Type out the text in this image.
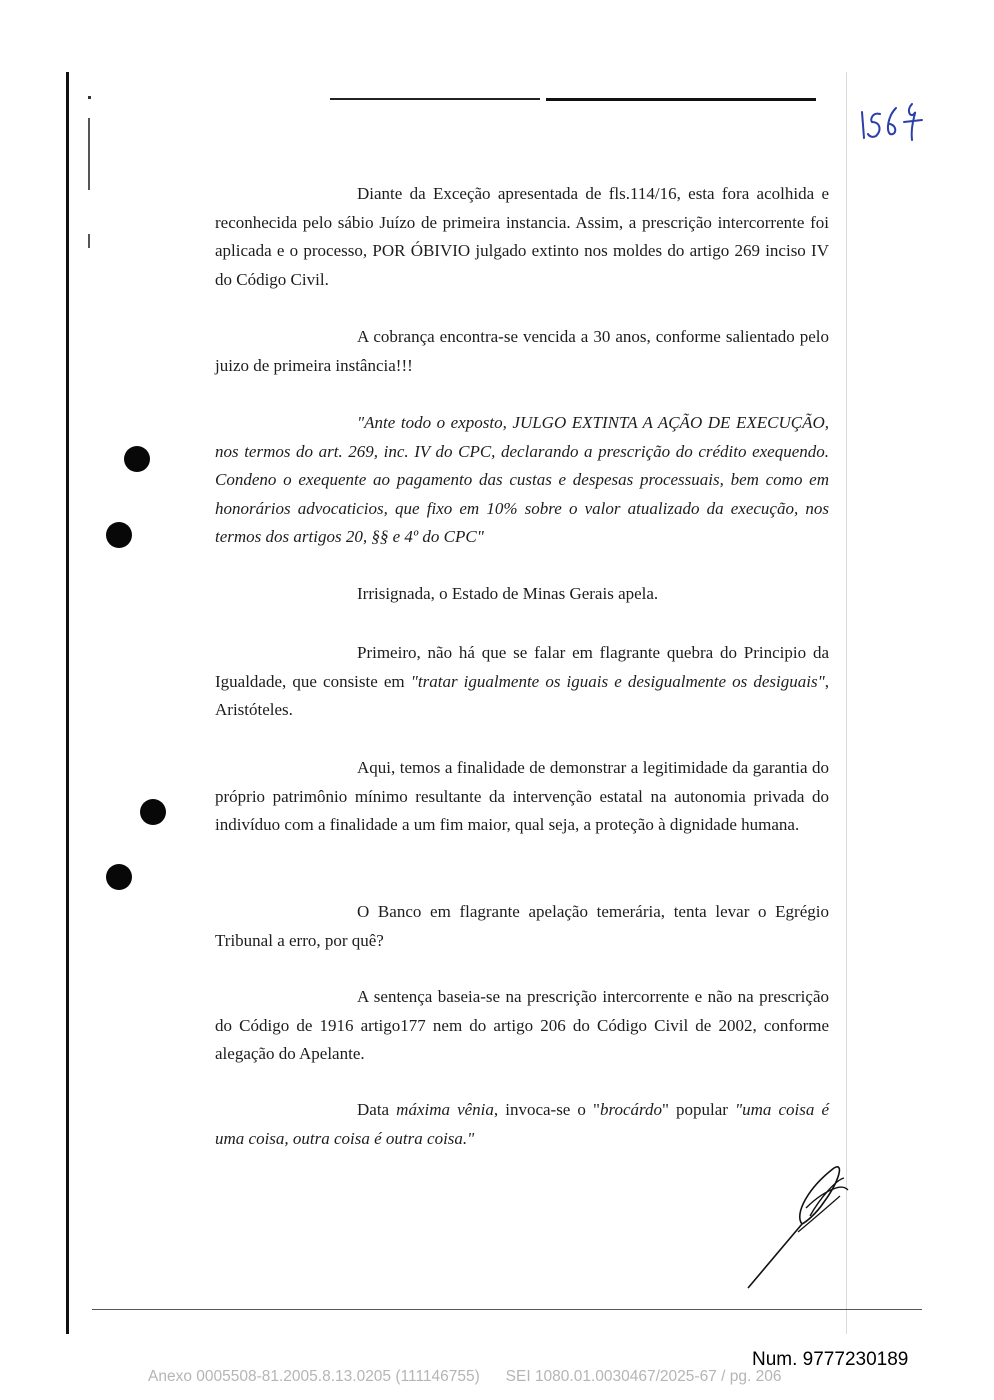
Diante da Exceção apresentada de fls.114/16, esta fora acolhida e reconhecida pelo sábio Juízo de primeira instancia. Assim, a prescrição intercorrente foi aplicada e o processo, POR ÓBIVIO julgado extinto nos moldes do artigo 269 inciso IV do Código Civil.

A cobrança encontra-se vencida a 30 anos, conforme salientado pelo juizo de primeira instância!!!

"Ante todo o exposto, JULGO EXTINTA A AÇÃO DE EXECUÇÃO, nos termos do art. 269, inc. IV do CPC, declarando a prescrição do crédito exequendo. Condeno o exequente ao pagamento das custas e despesas processuais, bem como em honorários advocaticios, que fixo em 10% sobre o valor atualizado da execução, nos termos dos artigos 20, §§ e 4º do CPC"

Irrisignada, o Estado de Minas Gerais apela.

Primeiro, não há que se falar em flagrante quebra do Principio da Igualdade, que consiste em "tratar igualmente os iguais e desigualmente os desiguais", Aristóteles.

Aqui, temos a finalidade de demonstrar a legitimidade da garantia do próprio patrimônio mínimo resultante da intervenção estatal na autonomia privada do indivíduo com a finalidade a um fim maior, qual seja, a proteção à dignidade humana.

O Banco em flagrante apelação temerária, tenta levar o Egrégio Tribunal a erro, por quê?

A sentença baseia-se na prescrição intercorrente e não na prescrição do Código de 1916 artigo177 nem do artigo 206 do Código Civil de 2002, conforme alegação do Apelante.

Data máxima vênia, invoca-se o "brocárdo" popular "uma coisa é uma coisa, outra coisa é outra coisa."

Num. 9777230189
Anexo 0005508-81.2005.8.13.0205 (111146755)      SEI 1080.01.0030467/2025-67 / pg. 206
